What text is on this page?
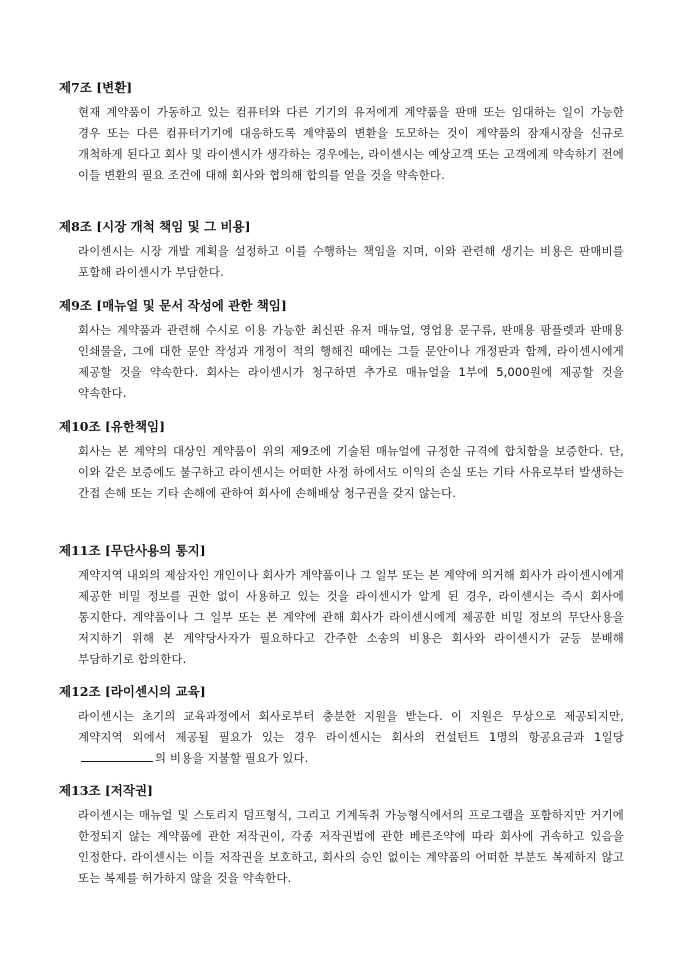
제7조 [변환]

현재 계약품이 가동하고 있는 컴퓨터와 다른 기기의 유저에게 계약품을 판매 또는 임대하는 일이 가능한 경우 또는 다른 컴퓨터기기에 대응하도록 계약품의 변환을 도모하는 것이 계약품의 잠재시장을 신규로 개척하게 된다고 회사 및 라이센시가 생각하는 경우에는, 라이센시는 예상고객 또는 고객에게 약속하기 전에 이들 변환의 필요 조건에 대해 회사와 협의해 합의를 얻을 것을 약속한다.

제8조 [시장 개척 책임 및 그 비용]

라이센시는 시장 개발 계획을 설정하고 이를 수행하는 책임을 지며, 이와 관련해 생기는 비용은 판매비를 포함해 라이센시가 부담한다.

제9조 [매뉴얼 및 문서 작성에 관한 책임]

회사는 계약품과 관련해 수시로 이용 가능한 최신판 유저 매뉴얼, 영업용 문구류, 판매용 팜플렛과 판매용 인쇄물을, 그에 대한 문안 작성과 개정이 적의 행해진 때에는 그들 문안이나 개정판과 함께, 라이센시에게 제공할 것을 약속한다. 회사는 라이센시가 청구하면 추가로 매뉴얼을 1부에 5,000원에 제공할 것을 약속한다.

제10조 [유한책임]

회사는 본 계약의 대상인 계약품이 위의 제9조에 기술된 매뉴얼에 규정한 규격에 합치함을 보증한다. 단, 이와 같은 보증에도 불구하고 라이센시는 어떠한 사정 하에서도 이익의 손실 또는 기타 사유로부터 발생하는 간접 손해 또는 기타 손해에 관하여 회사에 손해배상 청구권을 갖지 않는다.

제11조 [무단사용의 통지]

계약지역 내외의 제삼자인 개인이나 회사가 계약품이나 그 일부 또는 본 계약에 의거해 회사가 라이센시에게 제공한 비밀 정보를 권한 없이 사용하고 있는 것을 라이센시가 알게 된 경우, 라이센시는 즉시 회사에 통지한다. 계약품이나 그 일부 또는 본 계약에 관해 회사가 라이센시에게 제공한 비밀 정보의 무단사용을 저지하기 위해 본 계약당사자가 필요하다고 간주한 소송의 비용은 회사와 라이센시가 균등 분배해 부담하기로 합의한다.

제12조 [라이센시의 교육]

라이센시는 초기의 교육과정에서 회사로부터 충분한 지원을 받는다. 이 지원은 무상으로 제공되지만, 계약지역 외에서 제공될 필요가 있는 경우 라이센시는 회사의 컨설턴트 1명의 항공요금과 1일당의 비용을 지불할 필요가 있다.

제13조 [저작권]

라이센시는 매뉴얼 및 스토리지 덤프형식, 그리고 기계독취 가능형식에서의 프로그램을 포함하지만 거기에 한정되지 않는 계약품에 관한 저작권이, 각종 저작권법에 관한 베른조약에 따라 회사에 귀속하고 있음을 인정한다. 라이센시는 이들 저작권을 보호하고, 회사의 승인 없이는 계약품의 어떠한 부분도 복제하지 않고 또는 복제를 허가하지 않을 것을 약속한다.
